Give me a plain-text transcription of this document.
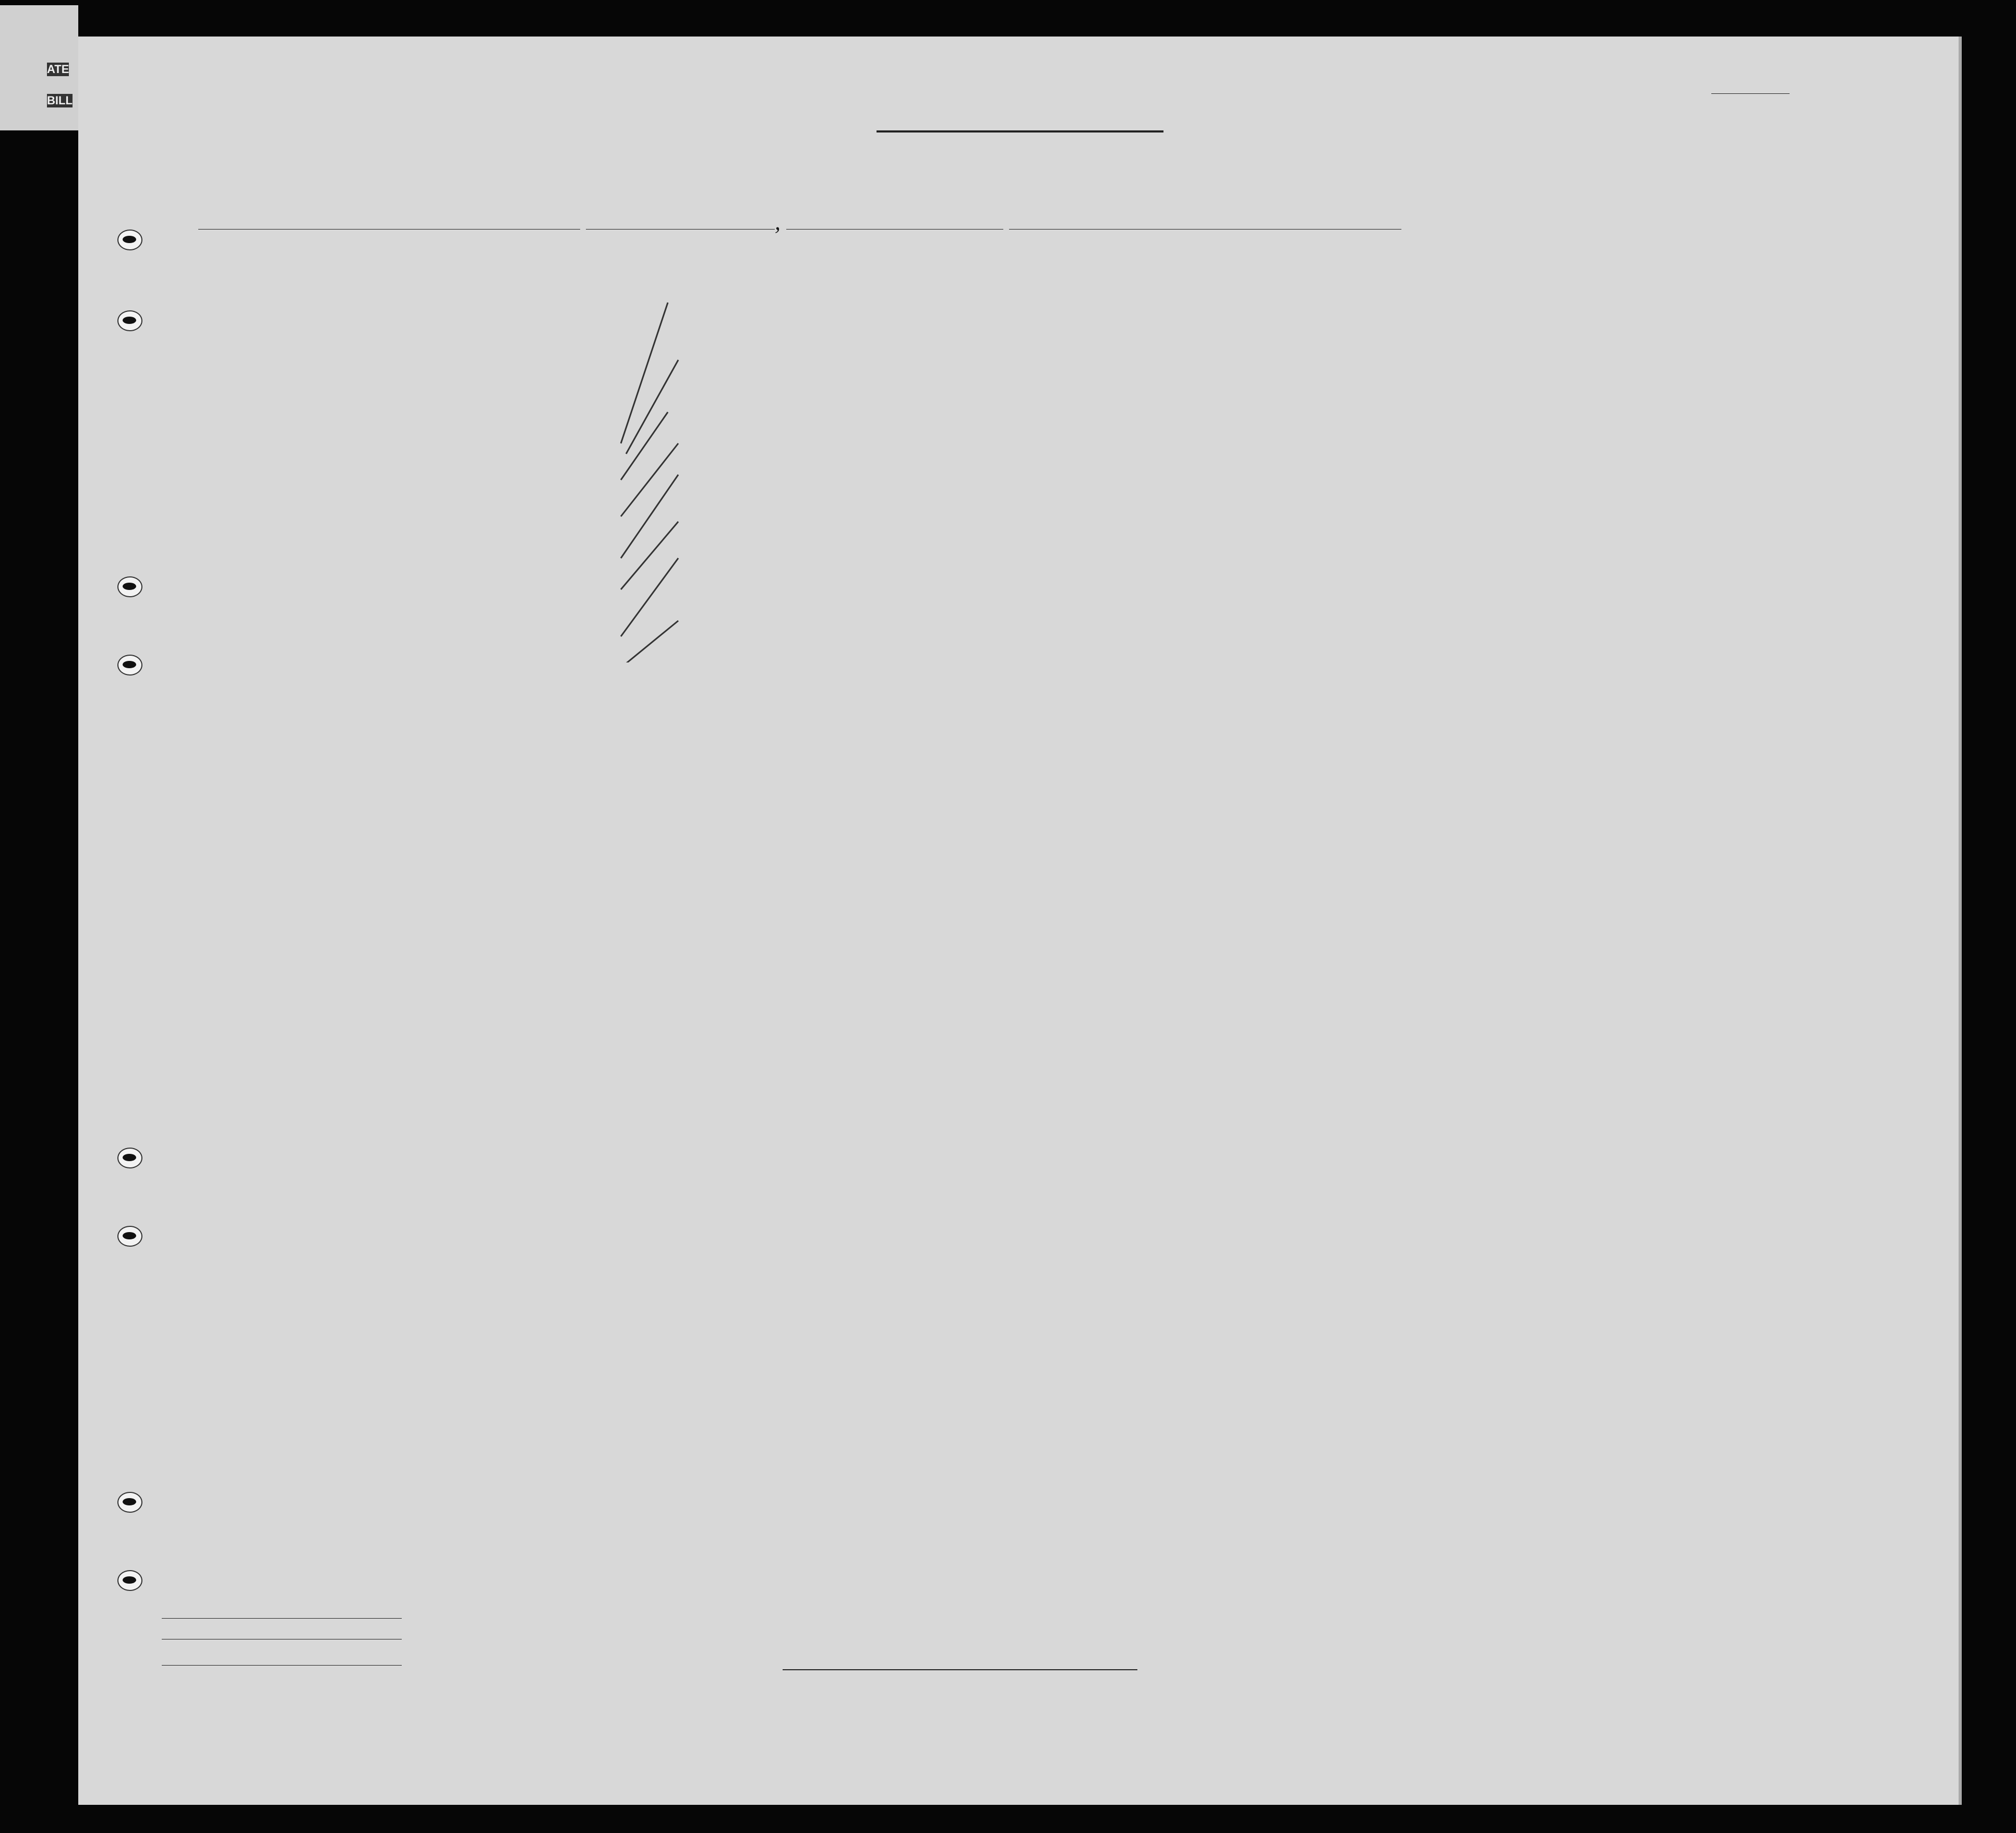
,
ATE
BILL
